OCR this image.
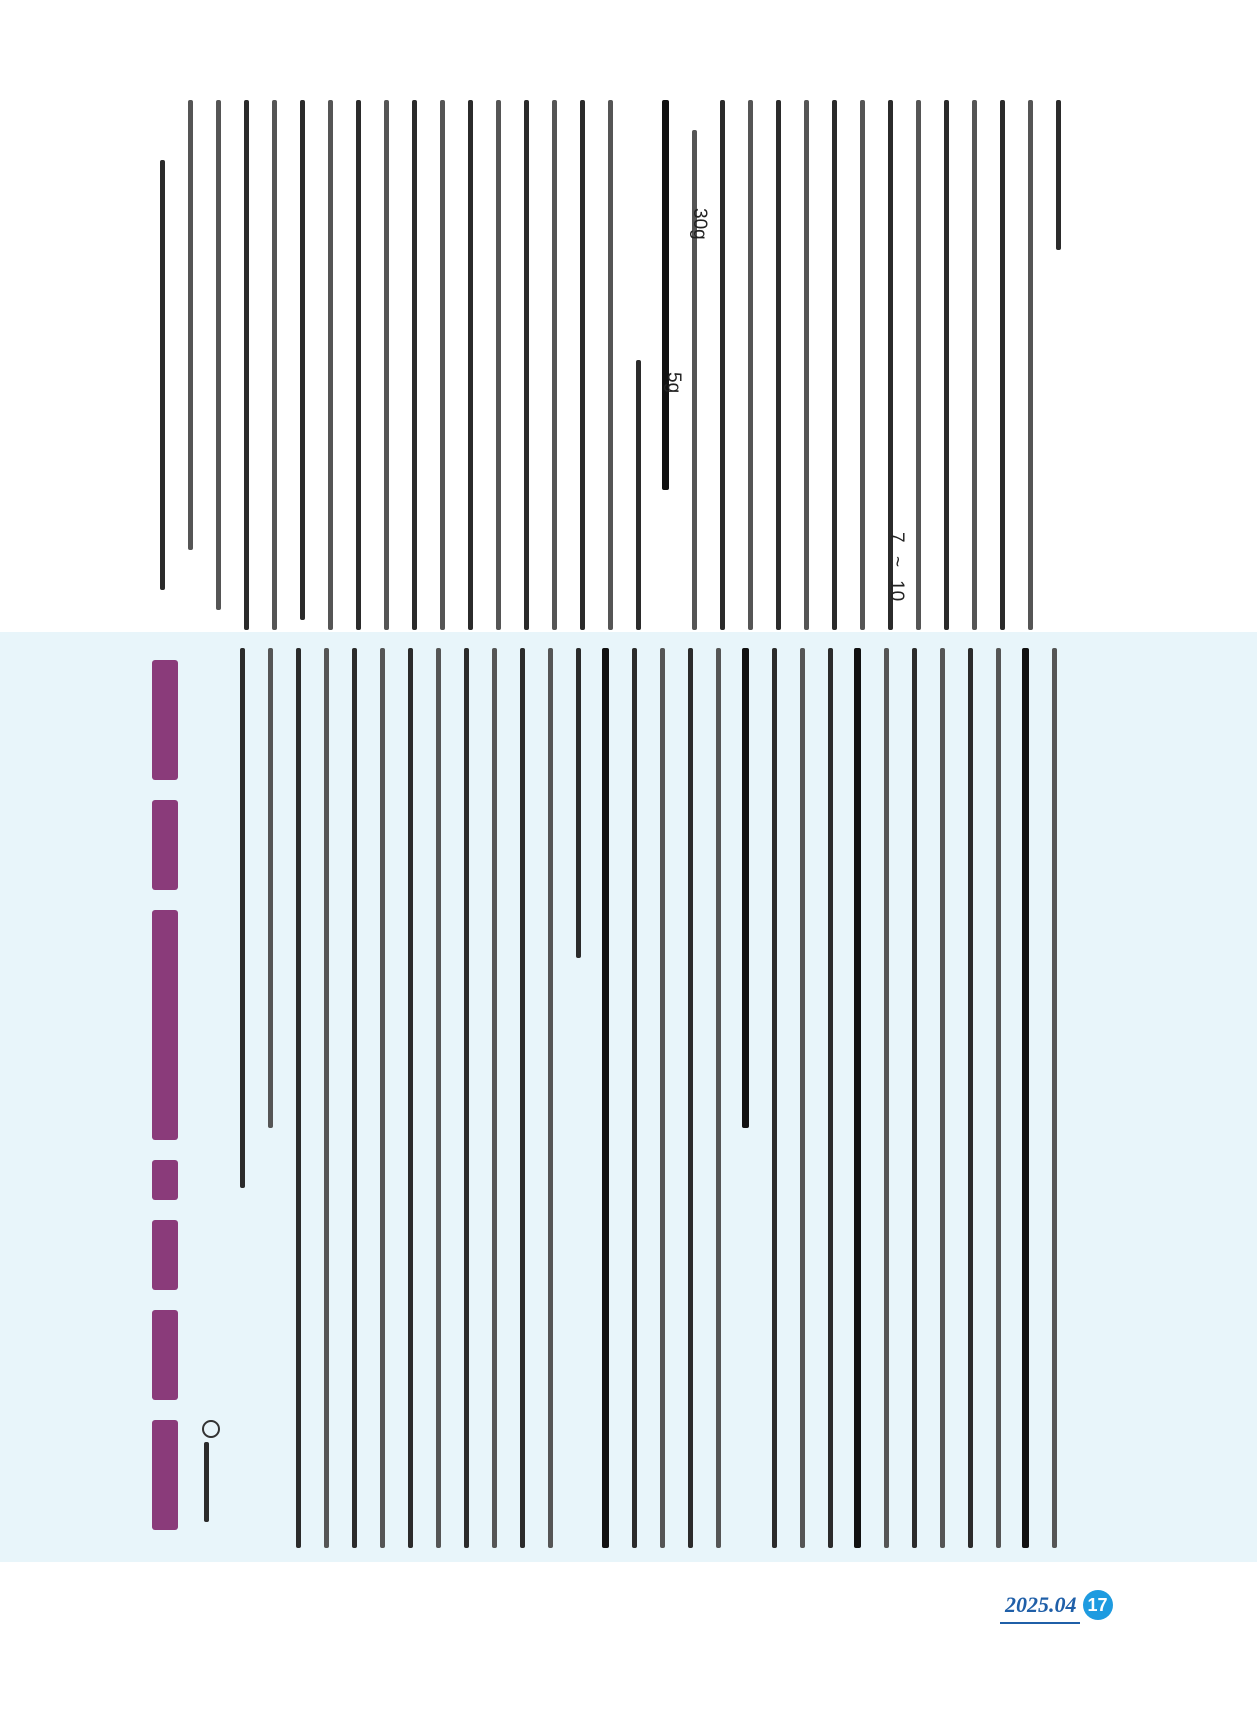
7
~
10
30g
5g
2025.04 17
